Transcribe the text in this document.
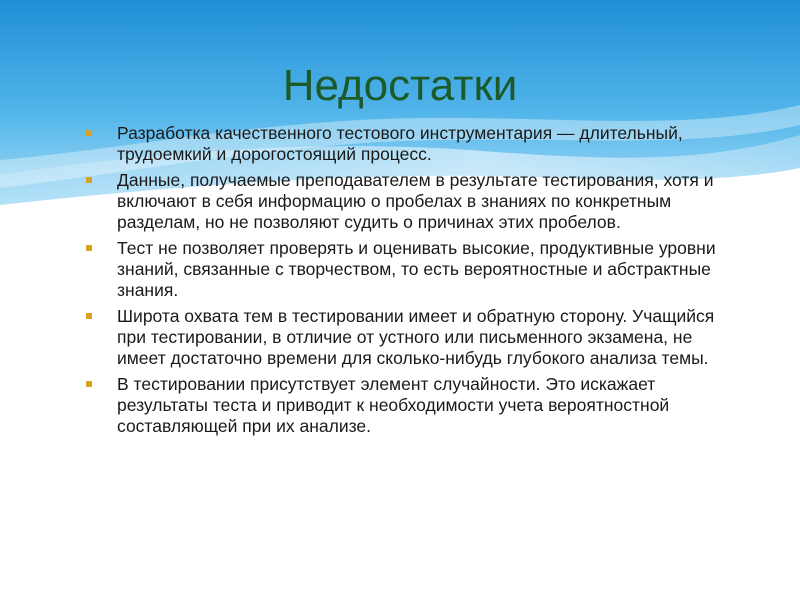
Недостатки
Разработка качественного тестового инструментария — длительный, трудоемкий и дорогостоящий процесс.
Данные, получаемые преподавателем в результате тестирования, хотя и включают в себя информацию о пробелах в знаниях по конкретным разделам, но не позволяют судить о причинах этих пробелов.
Тест не позволяет проверять и оценивать высокие, продуктивные уровни знаний, связанные с творчеством, то есть вероятностные и абстрактные знания.
Широта охвата тем в тестировании имеет и обратную сторону. Учащийся при тестировании, в отличие от устного или письменного экзамена, не имеет достаточно времени для сколько-нибудь глубокого анализа темы.
В тестировании присутствует элемент случайности. Это искажает результаты теста и приводит к необходимости учета вероятностной составляющей при их анализе.
